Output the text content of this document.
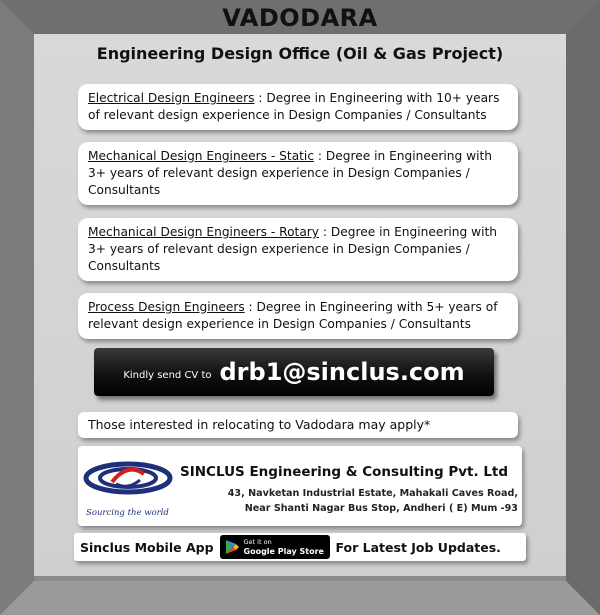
VADODARA
Engineering Design Office (Oil & Gas Project)
Electrical Design Engineers : Degree in Engineering with 10+ years of relevant design experience in Design Companies / Consultants
Mechanical Design Engineers - Static : Degree in Engineering with 3+ years of relevant design experience in Design Companies / Consultants
Mechanical Design Engineers - Rotary : Degree in Engineering with 3+ years of relevant design experience in Design Companies / Consultants
Process Design Engineers : Degree in Engineering with 5+ years of relevant design experience in Design Companies / Consultants
Kindly send CV to drb1@sinclus.com
Those interested in relocating to Vadodara may apply*
Sourcing the world
SINCLUS Engineering & Consulting Pvt. Ltd
43, Navketan Industrial Estate, Mahakali Caves Road,
Near Shanti Nagar Bus Stop, Andheri ( E) Mum -93
Sinclus Mobile App	Get it on
Google Play Store For Latest Job Updates.
